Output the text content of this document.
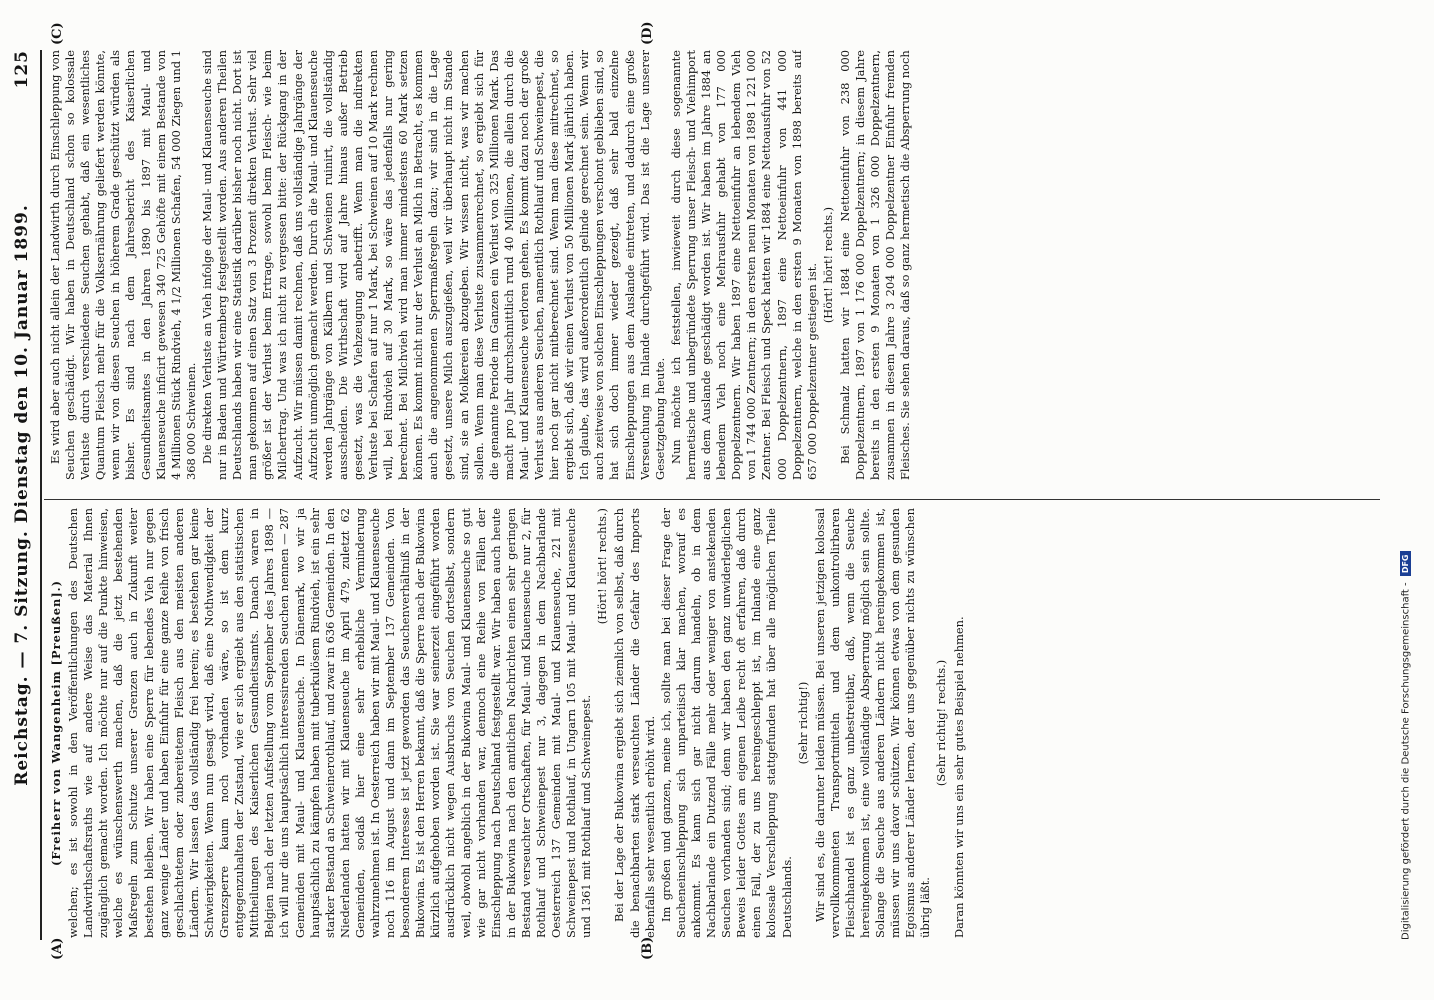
Reichstag. — 7. Sitzung. Dienstag den 10. Januar 1899.
125
(A)	(B)
(C)	(D)

(Freiherr von Wangenheim [Preußen].) welchen; es ist sowohl in den Veröffentlichungen des Deutschen Landwirthschaftsraths wie auf andere Weise das Material Ihnen zugänglich gemacht worden. Ich möchte nur auf die Punkte hinweisen, welche es wünschenswerth machen, daß die jetzt bestehenden Maßregeln zum Schutze unserer Grenzen auch in Zukunft weiter bestehen bleiben. Wir haben eine Sperre für lebendes Vieh nur gegen ganz wenige Länder und haben Einfuhr für eine ganze Reihe von frisch geschlachtetem oder zubereitetem Fleisch aus den meisten anderen Ländern. Wir lassen das vollständig frei herein; es bestehen gar keine Schwierigkeiten. Wenn nun gesagt wird, daß eine Nothwendigkeit der Grenzsperre kaum noch vorhanden wäre, so ist dem kurz entgegenzuhalten der Zustand, wie er sich ergiebt aus den statistischen Mittheilungen des Kaiserlichen Gesundheitsamts. Danach waren in Belgien nach der letzten Aufstellung vom September des Jahres 1898 — ich will nur die uns hauptsächlich interessirenden Seuchen nennen — 287 Gemeinden mit Maul- und Klauenseuche. In Dänemark, wo wir ja hauptsächlich zu kämpfen haben mit tuberkulösem Rindvieh, ist ein sehr starker Bestand an Schweinerothlauf, und zwar in 636 Gemeinden. In den Niederlanden hatten wir mit Klauenseuche im April 479, zuletzt 62 Gemeinden, sodaß hier eine sehr erhebliche Verminderung wahrzunehmen ist. In Oesterreich haben wir mit Maul- und Klauenseuche noch 116 im August und dann im September 137 Gemeinden. Von besonderem Interesse ist jetzt geworden das Seuchenverhältniß in der Bukowina. Es ist den Herren bekannt, daß die Sperre nach der Bukowina kürzlich aufgehoben worden ist. Sie war seinerzeit eingeführt worden ausdrücklich nicht wegen Ausbruchs von Seuchen dortselbst, sondern weil, obwohl angeblich in der Bukowina Maul- und Klauenseuche so gut wie gar nicht vorhanden war, dennoch eine Reihe von Fällen der Einschleppung nach Deutschland festgestellt war. Wir haben auch heute in der Bukowina nach den amtlichen Nachrichten einen sehr geringen Bestand verseuchter Ortschaften, für Maul- und Klauenseuche nur 2, für Rothlauf und Schweinepest nur 3, dagegen in dem Nachbarlande Oesterreich 137 Gemeinden mit Maul- und Klauenseuche, 221 mit Schweinepest und Rothlauf, in Ungarn 105 mit Maul- und Klauenseuche und 1361 mit Rothlauf und Schweinepest.

(Hört! hört! rechts.) Bei der Lage der Bukowina ergiebt sich ziemlich von selbst, daß durch die benachbarten stark verseuchten Länder die Gefahr des Imports ebenfalls sehr wesentlich erhöht wird. Im großen und ganzen, meine ich, sollte man bei dieser Frage der Seucheneinschleppung sich unparteiisch klar machen, worauf es ankommt. Es kann sich gar nicht darum handeln, ob in dem Nachbarlande ein Dutzend Fälle mehr oder weniger von anstekenden Seuchen vorhanden sind; denn wir haben den ganz unwiderleglichen Beweis leider Gottes am eigenen Leibe recht oft erfahren, daß durch einen Fall, der zu uns hereingeschleppt ist, im Inlande eine ganz kolossale Verschleppung stattgefunden hat über alle möglichen Theile Deutschlands.

(Sehr richtig!) Wir sind es, die darunter leiden müssen. Bei unseren jetzigen kolossal vervollkommneten Transportmitteln und dem unkontrolirbaren Fleischhandel ist es ganz unbestreitbar, daß, wenn die Seuche hereingekommen ist, eine vollständige Absperrung möglich sein sollte. Solange die Seuche aus anderen Ländern nicht hereingekommen ist, müssen wir uns davor schützen. Wir können etwas von dem gesunden Egoismus anderer Länder lernen, der uns gegenüber nichts zu wünschen übrig läßt.

(Sehr richtig! rechts.) Daran könnten wir uns ein sehr gutes Beispiel nehmen.

Es wird aber auch nicht allein der Landwirth durch Einschleppung von Seuchen geschädigt. Wir haben in Deutschland schon so kolossale Verluste durch verschiedene Seuchen gehabt, daß ein wesentliches Quantum Fleisch mehr für die Volksernährung geliefert werden könnte, wenn wir von diesen Seuchen in höherem Grade geschützt würden als bisher. Es sind nach dem Jahresbericht des Kaiserlichen Gesundheitsamtes in den Jahren 1890 bis 1897 mit Maul- und Klauenseuche inficirt gewesen 340 725 Gehöfte mit einem Bestande von 4 Millionen Stück Rindvieh, 4 1/2 Millionen Schafen, 54 000 Ziegen und 1 368 000 Schweinen. Die direkten Verluste an Vieh infolge der Maul- und Klauenseuche sind nur in Baden und Württemberg festgestellt worden. Aus anderen Theilen Deutschlands haben wir eine Statistik darüber bisher noch nicht. Dort ist man gekommen auf einen Satz von 3 Prozent direkten Verlust. Sehr viel größer ist der Verlust beim Ertrage, sowohl beim Fleisch- wie beim Milchertrag. Und was ich nicht zu vergessen bitte: der Rückgang in der Aufzucht. Wir müssen damit rechnen, daß uns vollständige Jahrgänge der Aufzucht unmöglich gemacht werden. Durch die Maul- und Klauenseuche werden Jahrgänge von Kälbern und Schweinen ruinirt, die vollständig ausscheiden. Die Wirthschaft wird auf Jahre hinaus außer Betrieb gesetzt, was die Viehzeugung anbetrifft. Wenn man die indirekten Verluste bei Schafen auf nur 1 Mark, bei Schweinen auf 10 Mark rechnen will, bei Rindvieh auf 30 Mark, so wäre das jedenfalls nur gering berechnet. Bei Milchvieh wird man immer mindestens 60 Mark setzen können. Es kommt nicht nur der Verlust an Milch in Betracht, es kommen auch die angenommenen Sperrmaßregeln dazu; wir sind in die Lage gesetzt, unsere Milch auszugießen, weil wir überhaupt nicht im Stande sind, sie an Molkereien abzugeben. Wir wissen nicht, was wir machen sollen. Wenn man diese Verluste zusammenrechnet, so ergiebt sich für die genannte Periode im Ganzen ein Verlust von 325 Millionen Mark. Das macht pro Jahr durchschnittlich rund 40 Millionen, die allein durch die Maul- und Klauenseuche verloren gehen. Es kommt dazu noch der große Verlust aus anderen Seuchen, namentlich Rothlauf und Schweinepest, die hier noch gar nicht mitberechnet sind. Wenn man diese mitrechnet, so ergiebt sich, daß wir einen Verlust von 50 Millionen Mark jährlich haben. Ich glaube, das wird außerordentlich gelinde gerechnet sein. Wenn wir auch zeitweise von solchen Einschleppungen verschont geblieben sind, so hat sich doch immer wieder gezeigt, daß sehr bald einzelne Einschleppungen aus dem Auslande eintreten, und dadurch eine große Verseuchung im Inlande durchgeführt wird. Das ist die Lage unserer Gesetzgebung heute. Nun möchte ich feststellen, inwieweit durch diese sogenannte hermetische und unbegründete Sperrung unser Fleisch- und Viehimport aus dem Auslande geschädigt worden ist. Wir haben im Jahre 1884 an lebendem Vieh noch eine Mehrausfuhr gehabt von 177 000 Doppelzentnern. Wir haben 1897 eine Nettoeinfuhr an lebendem Vieh von 1 744 000 Zentnern; in den ersten neun Monaten von 1898 1 221 000 Zentner. Bei Fleisch und Speck hatten wir 1884 eine Nettoausfuhr von 52 000 Doppelzentnern, 1897 eine Nettoeinfuhr von 441 000 Doppelzentnern, welche in den ersten 9 Monaten von 1898 bereits auf 657 000 Doppelzentner gestiegen ist. (Hört! hört! rechts.) Bei Schmalz hatten wir 1884 eine Nettoeinfuhr von 238 000 Doppelzentnern, 1897 von 1 176 000 Doppelzentnern; in diesem Jahre bereits in den ersten 9 Monaten von 1 326 000 Doppelzentnern, zusammen in diesem Jahre 3 204 000 Doppelzentner Einfuhr fremden Fleisches. Sie sehen daraus, daß so ganz hermetisch die Absperrung noch

Digitalisierung gefördert durch die Deutsche Forschungsgemeinschaft - DFG
